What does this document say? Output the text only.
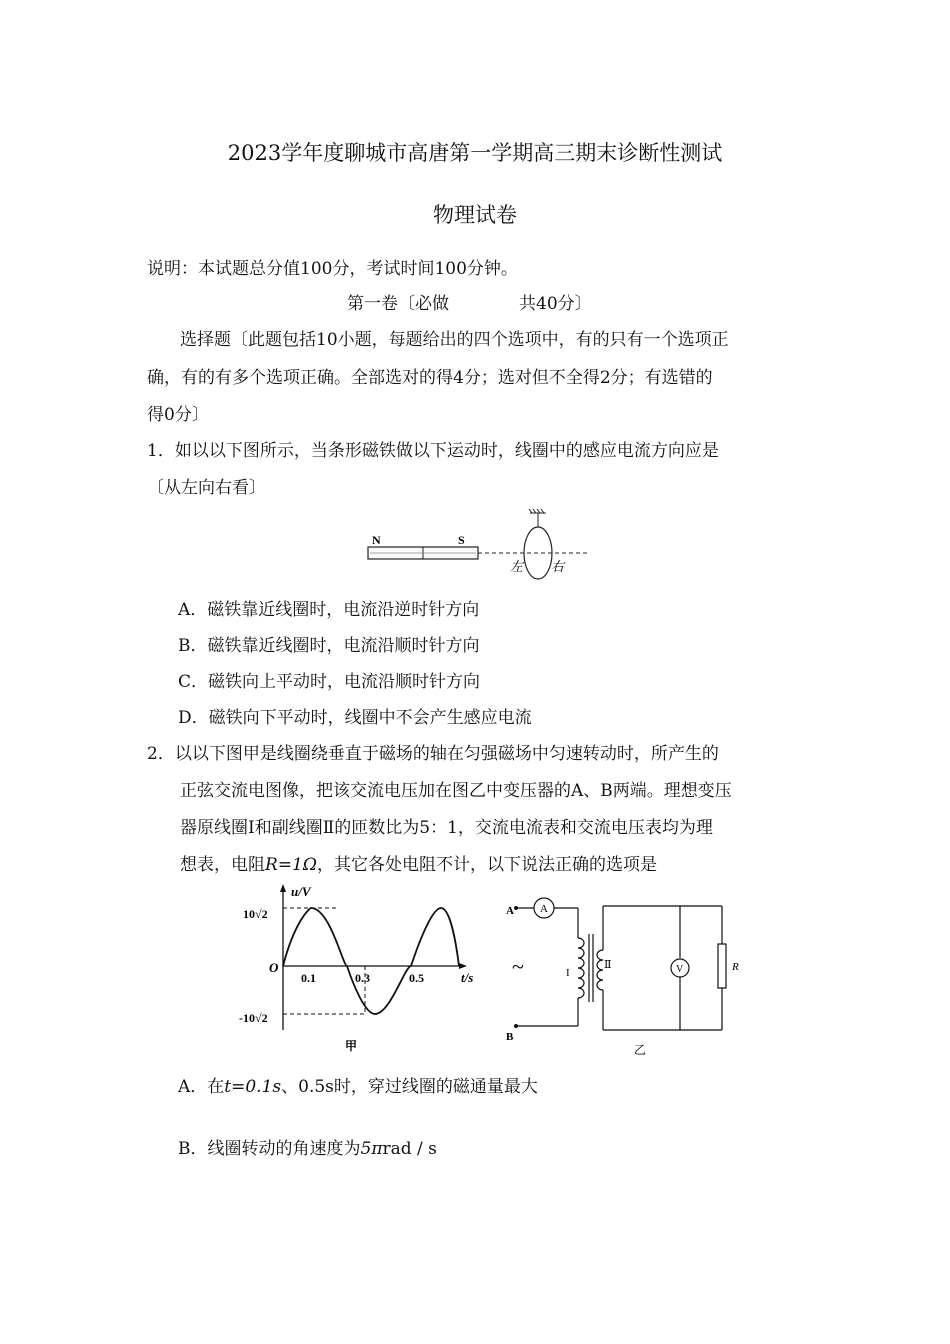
2023学年度聊城市高唐第一学期高三期末诊断性测试
物理试卷
说明：本试题总分值100分，考试时间100分钟。
第一卷〔必做	共40分〕
选择题〔此题包括10小题，每题给出的四个选项中，有的只有一个选项正
确，有的有多个选项正确。全部选对的得4分；选对但不全得2分；有选错的
得0分〕
1．如以以下图所示，当条形磁铁做以下运动时，线圈中的感应电流方向应是
〔从左向右看〕
N	S
左 右
A．磁铁靠近线圈时，电流沿逆时针方向
B．磁铁靠近线圈时，电流沿顺时针方向
C．磁铁向上平动时，电流沿顺时针方向
D．磁铁向下平动时，线圈中不会产生感应电流
2．以以下图甲是线圈绕垂直于磁场的轴在匀强磁场中匀速转动时，所产生的
正弦交流电图像，把该交流电压加在图乙中变压器的A、B两端。理想变压
器原线圈Ⅰ和副线圈Ⅱ的匝数比为5：1，交流电流表和交流电压表均为理
想表，电阻R=1Ω，其它各处电阻不计，以下说法正确的选项是
u/V
t/s
O
10√2
-10√2
0.1	0.3	0.5
甲
A
B
A
I
Ⅱ
~	V	R
乙
A．在t=0.1s、0.5s时，穿过线圈的磁通量最大
B．线圈转动的角速度为5πrad / s
